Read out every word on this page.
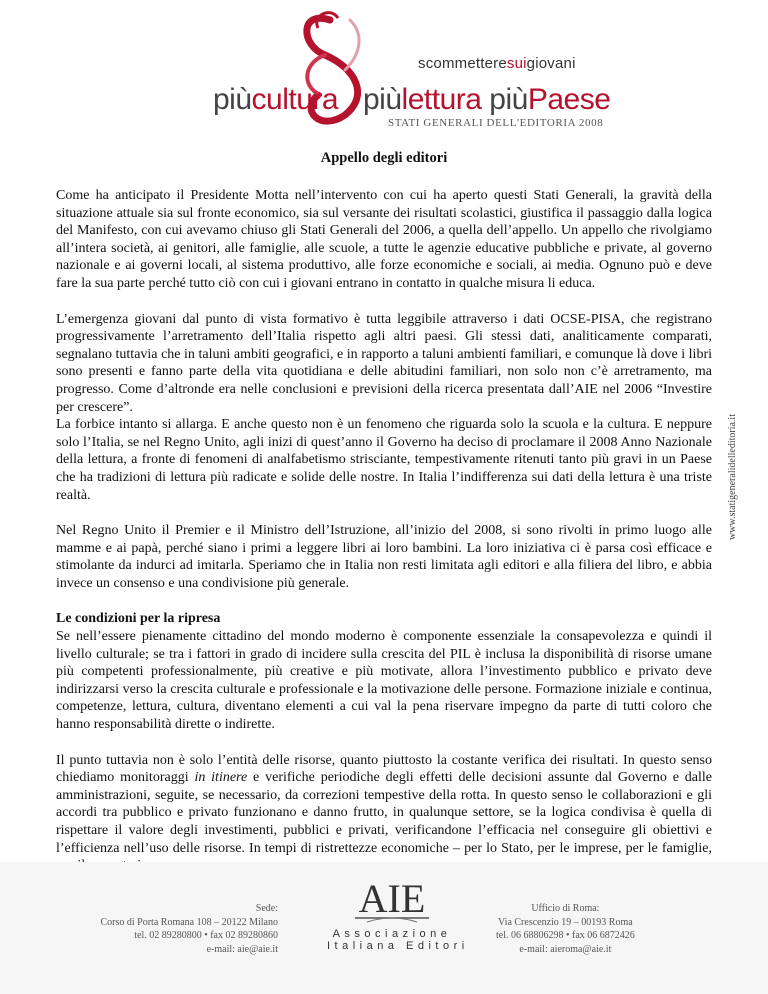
scommetteresuigiovani
piùcultura piùlettura piùPaese
STATI GENERALI DELL'EDITORIA 2008
www.statigeneralidelleditoria.it
Appello degli editori

Come ha anticipato il Presidente Motta nell’intervento con cui ha aperto questi Stati Generali, la gravità della situazione attuale sia sul fronte economico, sia sul versante dei risultati scolastici, giustifica il passaggio dalla logica del Manifesto, con cui avevamo chiuso gli Stati Generali del 2006, a quella dell’appello. Un appello che rivolgiamo all’intera società, ai genitori, alle famiglie, alle scuole, a tutte le agenzie educative pubbliche e private, al governo nazionale e ai governi locali, al sistema produttivo, alle forze economiche e sociali, ai media. Ognuno può e deve fare la sua parte perché tutto ciò con cui i giovani entrano in contatto in qualche misura li educa.

L’emergenza giovani dal punto di vista formativo è tutta leggibile attraverso i dati OCSE-PISA, che registrano progressivamente l’arretramento dell’Italia rispetto agli altri paesi. Gli stessi dati, analiticamente comparati, segnalano tuttavia che in taluni ambiti geografici, e in rapporto a taluni ambienti familiari, e comunque là dove i libri sono presenti e fanno parte della vita quotidiana e delle abitudini familiari, non solo non c’è arretramento, ma progresso. Come d’altronde era nelle conclusioni e previsioni della ricerca presentata dall’AIE nel 2006 “Investire per crescere”.
La forbice intanto si allarga. E anche questo non è un fenomeno che riguarda solo la scuola e la cultura. E neppure solo l’Italia, se nel Regno Unito, agli inizi di quest’anno il Governo ha deciso di proclamare il 2008 Anno Nazionale della lettura, a fronte di fenomeni di analfabetismo strisciante, tempestivamente ritenuti tanto più gravi in un Paese che ha tradizioni di lettura più radicate e solide delle nostre. In Italia l’indifferenza sui dati della lettura è una triste realtà.

Nel Regno Unito il Premier e il Ministro dell’Istruzione, all’inizio del 2008, si sono rivolti in primo luogo alle mamme e ai papà, perché siano i primi a leggere libri ai loro bambini. La loro iniziativa ci è parsa così efficace e stimolante da indurci ad imitarla. Speriamo che in Italia non resti limitata agli editori e alla filiera del libro, e abbia invece un consenso e una condivisione più generale.

Le condizioni per la ripresa
Se nell’essere pienamente cittadino del mondo moderno è componente essenziale la consapevolezza e quindi il livello culturale; se tra i fattori in grado di incidere sulla crescita del PIL è inclusa la disponibilità di risorse umane più competenti professionalmente, più creative e più motivate, allora l’investimento pubblico e privato deve indirizzarsi verso la crescita culturale e professionale e la motivazione delle persone. Formazione iniziale e continua, competenze, lettura, cultura, diventano elementi a cui val la pena riservare impegno da parte di tutti coloro che hanno responsabilità dirette o indirette.

Il punto tuttavia non è solo l’entità delle risorse, quanto piuttosto la costante verifica dei risultati. In questo senso chiediamo monitoraggi in itinere e verifiche periodiche degli effetti delle decisioni assunte dal Governo e dalle amministrazioni, seguite, se necessario, da correzioni tempestive della rotta. In questo senso le collaborazioni e gli accordi tra pubblico e privato funzionano e danno frutto, in qualunque settore, se la logica condivisa è quella di rispettare il valore degli investimenti, pubblici e privati, verificandone l’efficacia nel conseguire gli obiettivi e l’efficienza nell’uso delle risorse. In tempi di ristrettezze economiche – per lo Stato, per le imprese, per le famiglie,

Sede:
Corso di Porta Romana 108 – 20122 Milano
tel. 02 89280800 • fax 02 89280860
e-mail: aie@aie.it
AIE
Associazione
Italiana Editori
Ufficio di Roma:
Via Crescenzio 19 – 00193 Roma
tel. 06 68806298 • fax 06 6872426
e-mail: aieroma@aie.it
